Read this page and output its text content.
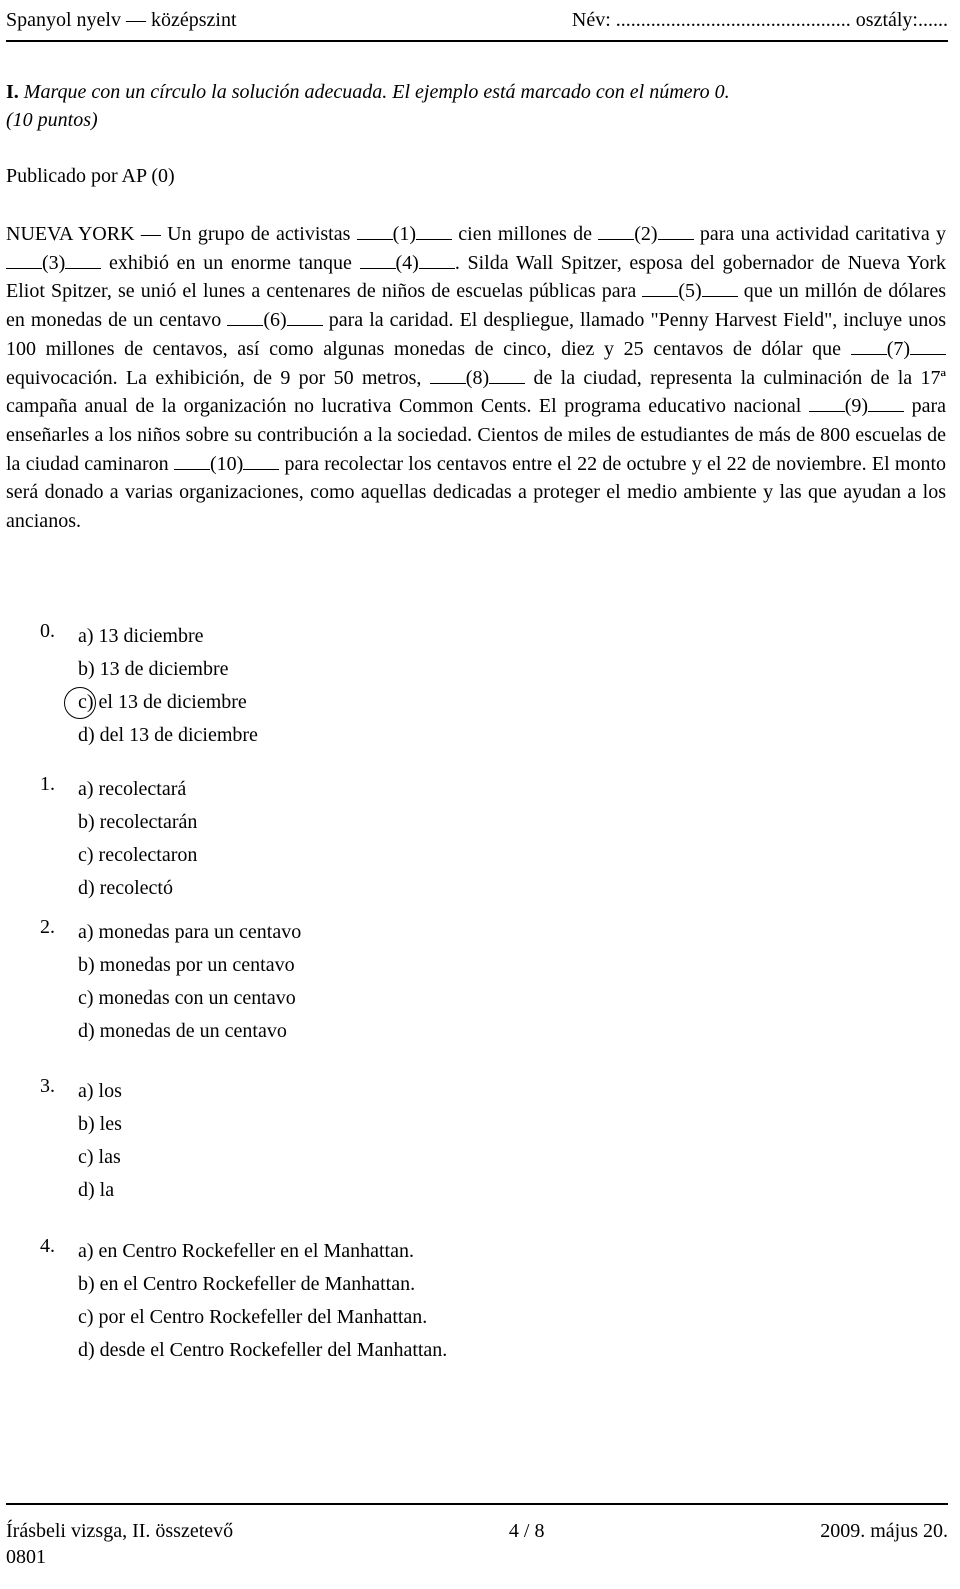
Spanyol nyelv — középszint	Név: ............................................... osztály:......
I. Marque con un círculo la solución adecuada. El ejemplo está marcado con el número 0.
(10 puntos)
Publicado por AP (0)
NUEVA YORK — Un grupo de activistas (1) cien millones de (2) para una actividad caritativa y (3) exhibió en un enorme tanque (4) . Silda Wall Spitzer, esposa del gobernador de Nueva York Eliot Spitzer, se unió el lunes a centenares de niños de escuelas públicas para (5) que un millón de dólares en monedas de un centavo (6) para la caridad. El despliegue, llamado "Penny Harvest Field", incluye unos 100 millones de centavos, así como algunas monedas de cinco, diez y 25 centavos de dólar que (7) equivocación. La exhibición, de 9 por 50 metros, (8) de la ciudad, representa la culminación de la 17ª campaña anual de la organización no lucrativa Common Cents. El programa educativo nacional (9) para enseñarles a los niños sobre su contribución a la sociedad. Cientos de miles de estudiantes de más de 800 escuelas de la ciudad caminaron (10) para recolectar los centavos entre el 22 de octubre y el 22 de noviembre. El monto será donado a varias organizaciones, como aquellas dedicadas a proteger el medio ambiente y las que ayudan a los ancianos.
0. a) 13 diciembre
b) 13 de diciembre
c) el 13 de diciembre
d) del 13 de diciembre
1. a) recolectará
b) recolectarán
c) recolectaron
d) recolectó
2. a) monedas para un centavo
b) monedas por un centavo
c) monedas con un centavo
d) monedas de un centavo
3. a) los
b) les
c) las
d) la
4. a) en Centro Rockefeller en el Manhattan.
b) en el Centro Rockefeller de Manhattan.
c) por el Centro Rockefeller del Manhattan.
d) desde el Centro Rockefeller del Manhattan.
Írásbeli vizsga, II. összetevő	4 / 8	2009. május 20.
0801
